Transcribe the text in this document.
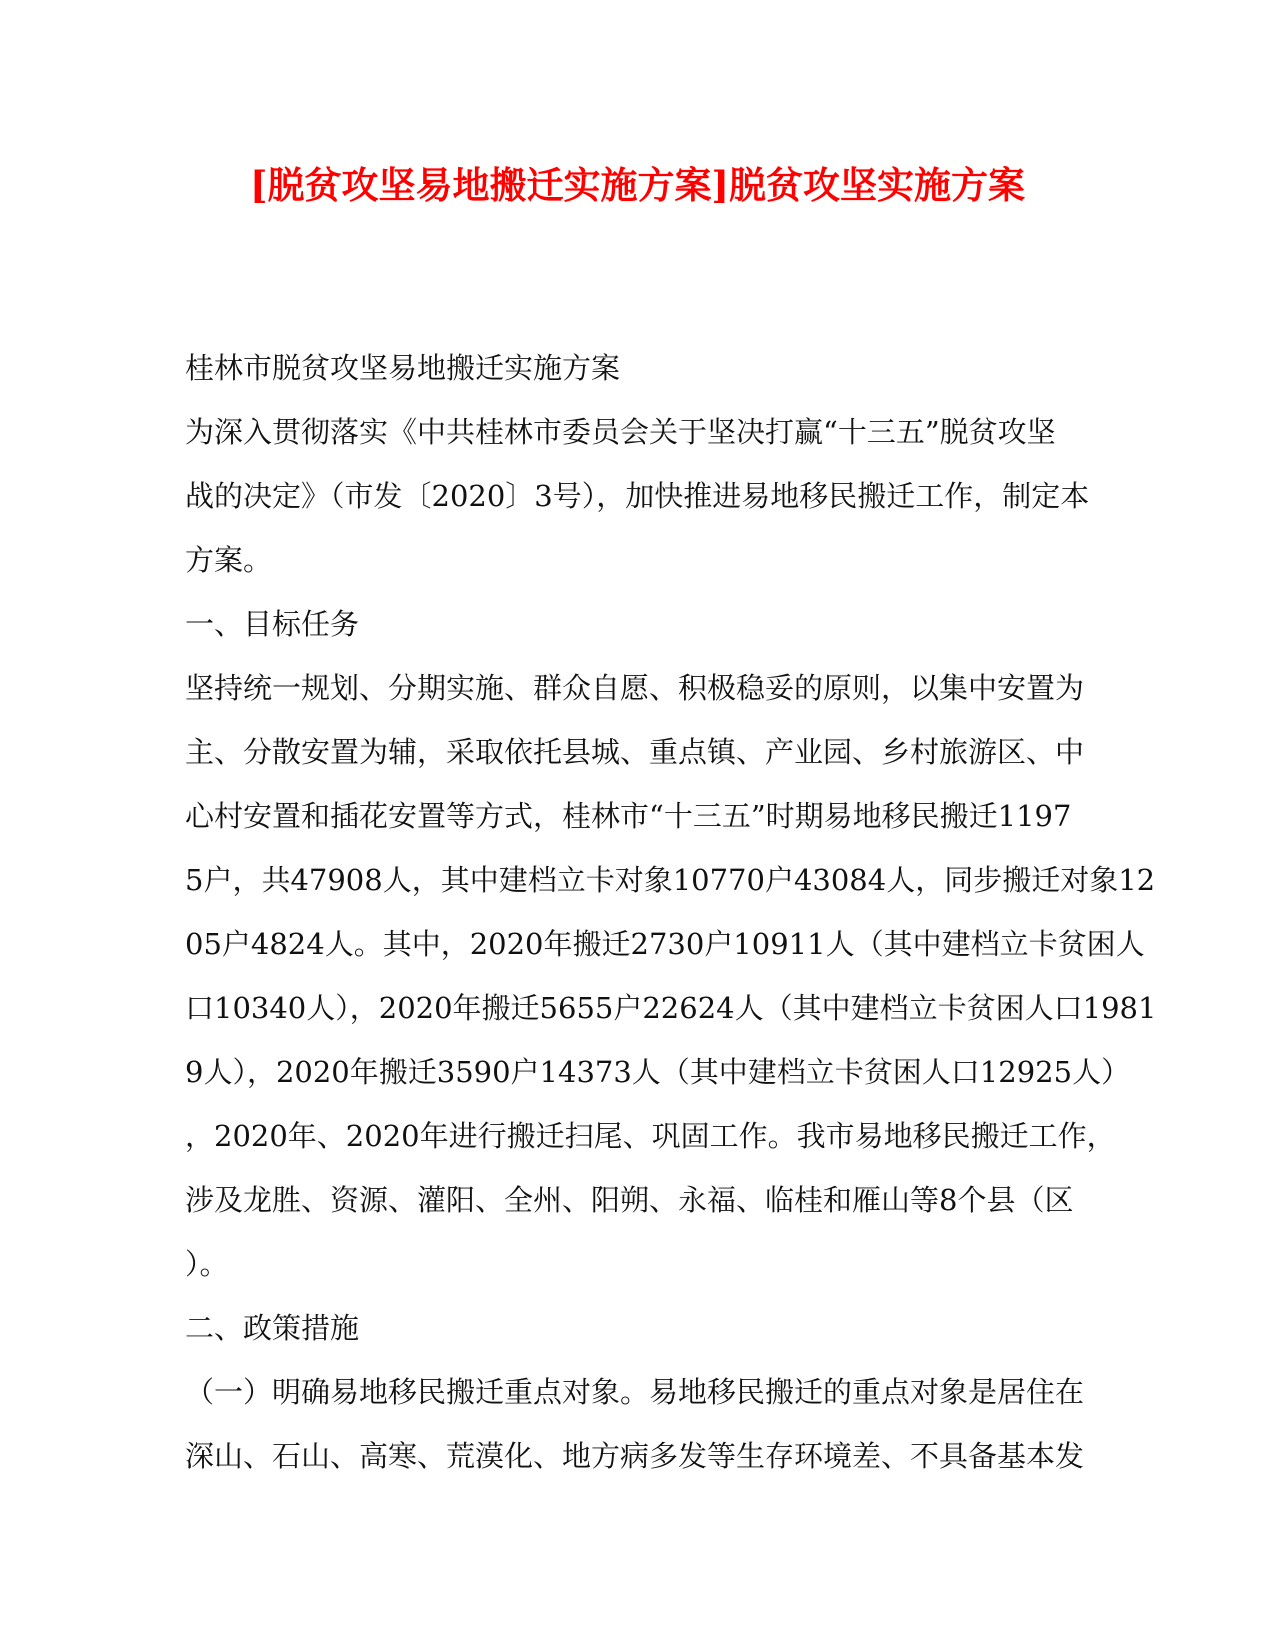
[脱贫攻坚易地搬迁实施方案]脱贫攻坚实施方案
桂林市脱贫攻坚易地搬迁实施方案
为深入贯彻落实《中共桂林市委员会关于坚决打赢“十三五”脱贫攻坚
战的决定》（市发〔2020〕3号），加快推进易地移民搬迁工作，制定本
方案。
一、目标任务
坚持统一规划、分期实施、群众自愿、积极稳妥的原则，以集中安置为
主、分散安置为辅，采取依托县城、重点镇、产业园、乡村旅游区、中
心村安置和插花安置等方式，桂林市“十三五”时期易地移民搬迁1197
5户，共47908人，其中建档立卡对象10770户43084人，同步搬迁对象12
05户4824人。其中，2020年搬迁2730户10911人（其中建档立卡贫困人
口10340人），2020年搬迁5655户22624人（其中建档立卡贫困人口1981
9人），2020年搬迁3590户14373人（其中建档立卡贫困人口12925人）
，2020年、2020年进行搬迁扫尾、巩固工作。我市易地移民搬迁工作，
涉及龙胜、资源、灌阳、全州、阳朔、永福、临桂和雁山等8个县（区
）。
二、政策措施
（一）明确易地移民搬迁重点对象。易地移民搬迁的重点对象是居住在
深山、石山、高寒、荒漠化、地方病多发等生存环境差、不具备基本发
